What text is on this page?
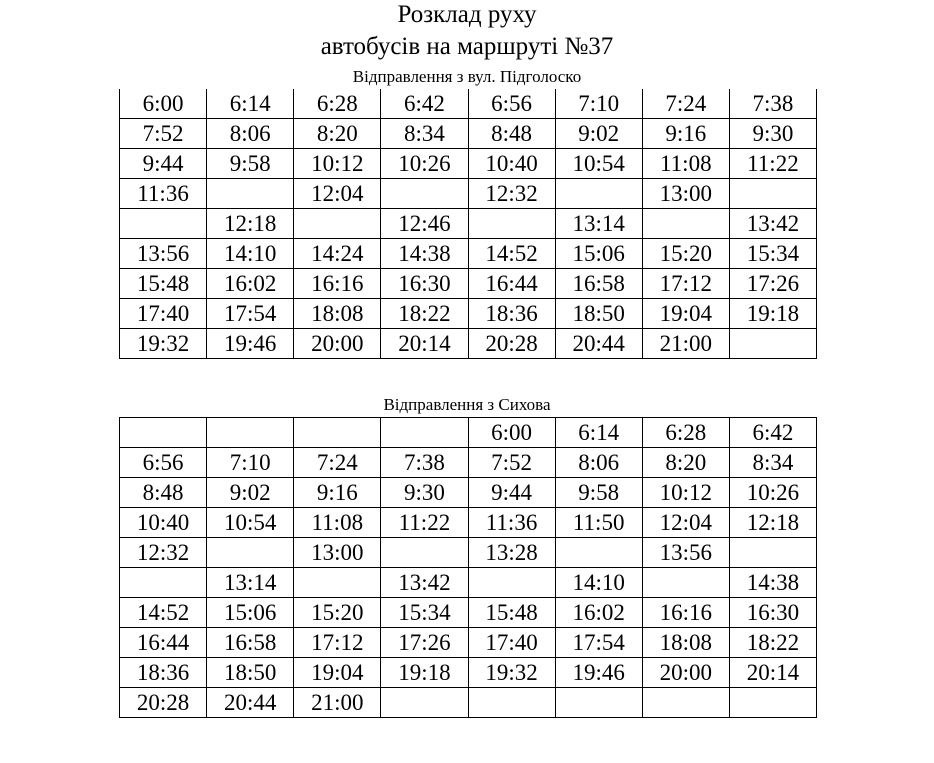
Розклад руху
автобусів на маршруті №37
Відправлення з вул. Підголоско
6:00	6:14	6:28	6:42	6:56	7:10	7:24	7:38
7:52	8:06	8:20	8:34	8:48	9:02	9:16	9:30
9:44	9:58	10:12	10:26	10:40	10:54	11:08	11:22
11:36		12:04		12:32		13:00	
	12:18		12:46		13:14		13:42
13:56	14:10	14:24	14:38	14:52	15:06	15:20	15:34
15:48	16:02	16:16	16:30	16:44	16:58	17:12	17:26
17:40	17:54	18:08	18:22	18:36	18:50	19:04	19:18
19:32	19:46	20:00	20:14	20:28	20:44	21:00	
Відправлення з Сихова
				6:00	6:14	6:28	6:42
6:56	7:10	7:24	7:38	7:52	8:06	8:20	8:34
8:48	9:02	9:16	9:30	9:44	9:58	10:12	10:26
10:40	10:54	11:08	11:22	11:36	11:50	12:04	12:18
12:32		13:00		13:28		13:56	
	13:14		13:42		14:10		14:38
14:52	15:06	15:20	15:34	15:48	16:02	16:16	16:30
16:44	16:58	17:12	17:26	17:40	17:54	18:08	18:22
18:36	18:50	19:04	19:18	19:32	19:46	20:00	20:14
20:28	20:44	21:00					
